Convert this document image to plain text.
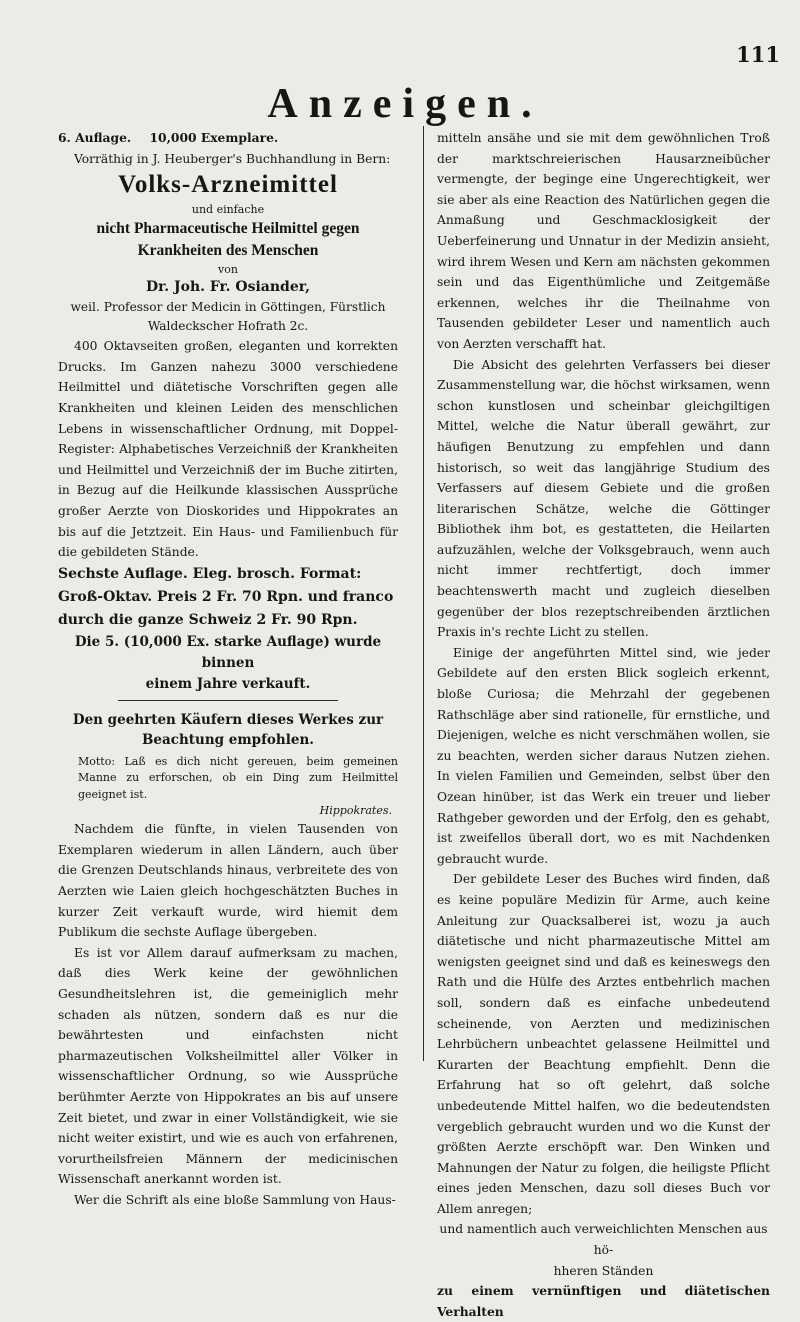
111
Anzeigen.

6. Auflage. 10,000 Exemplare.

Vorräthig in J. Heuberger's Buchhandlung in Bern:

Volks-Arzneimittel
und einfache
nicht Pharmaceutische Heilmittel gegen
Krankheiten des Menschen
von
Dr. Joh. Fr. Osiander,
weil. Professor der Medicin in Göttingen, Fürstlich Waldeckscher Hofrath 2c.

400 Oktavseiten großen, eleganten und korrekten Drucks. Im Ganzen nahezu 3000 verschiedene Heilmittel und diätetische Vorschriften gegen alle Krankheiten und kleinen Leiden des menschlichen Lebens in wissenschaftlicher Ordnung, mit Doppel-Register: Alphabetisches Verzeichniß der Krankheiten und Heilmittel und Verzeichniß der im Buche zitirten, in Bezug auf die Heilkunde klassischen Aussprüche großer Aerzte von Dioskorides und Hippokrates an bis auf die Jetztzeit. Ein Haus- und Familienbuch für die gebildeten Stände.

Sechste Auflage. Eleg. brosch. Format:
Groß-Oktav. Preis 2 Fr. 70 Rpn. und franco
durch die ganze Schweiz 2 Fr. 90 Rpn.
Die 5. (10,000 Ex. starke Auflage) wurde binnen
einem Jahre verkauft.
Den geehrten Käufern dieses Werkes zur
Beachtung empfohlen.

Motto: Laß es dich nicht gereuen, beim gemeinen Manne zu erforschen, ob ein Ding zum Heilmittel geeignet ist.

Hippokrates.

Nachdem die fünfte, in vielen Tausenden von Exemplaren wiederum in allen Ländern, auch über die Grenzen Deutschlands hinaus, verbreitete des von Aerzten wie Laien gleich hochgeschätzten Buches in kurzer Zeit verkauft wurde, wird hiemit dem Publikum die sechste Auflage übergeben.

Es ist vor Allem darauf aufmerksam zu machen, daß dies Werk keine der gewöhnlichen Gesundheitslehren ist, die gemeiniglich mehr schaden als nützen, sondern daß es nur die bewährtesten und einfachsten nicht pharmazeutischen Volksheilmittel aller Völker in wissenschaftlicher Ordnung, so wie Aussprüche berühmter Aerzte von Hippokrates an bis auf unsere Zeit bietet, und zwar in einer Vollständigkeit, wie sie nicht weiter existirt, und wie es auch von erfahrenen, vorurtheilsfreien Männern der medicinischen Wissenschaft anerkannt worden ist.

Wer die Schrift als eine bloße Sammlung von Haus-

mitteln ansähe und sie mit dem gewöhnlichen Troß der marktschreierischen Hausarzneibücher vermengte, der beginge eine Ungerechtigkeit, wer sie aber als eine Reaction des Natürlichen gegen die Anmaßung und Geschmacklosigkeit der Ueberfeinerung und Unnatur in der Medizin ansieht, wird ihrem Wesen und Kern am nächsten gekommen sein und das Eigenthümliche und Zeitgemäße erkennen, welches ihr die Theilnahme von Tausenden gebildeter Leser und namentlich auch von Aerzten verschafft hat.

Die Absicht des gelehrten Verfassers bei dieser Zusammenstellung war, die höchst wirksamen, wenn schon kunstlosen und scheinbar gleichgiltigen Mittel, welche die Natur überall gewährt, zur häufigen Benutzung zu empfehlen und dann historisch, so weit das langjährige Studium des Verfassers auf diesem Gebiete und die großen literarischen Schätze, welche die Göttinger Bibliothek ihm bot, es gestatteten, die Heilarten aufzuzählen, welche der Volksgebrauch, wenn auch nicht immer rechtfertigt, doch immer beachtenswerth macht und zugleich dieselben gegenüber der blos rezeptschreibenden ärztlichen Praxis in's rechte Licht zu stellen.

Einige der angeführten Mittel sind, wie jeder Gebildete auf den ersten Blick sogleich erkennt, bloße Curiosa; die Mehrzahl der gegebenen Rathschläge aber sind rationelle, für ernstliche, und Diejenigen, welche es nicht verschmähen wollen, sie zu beachten, werden sicher daraus Nutzen ziehen. In vielen Familien und Gemeinden, selbst über den Ozean hinüber, ist das Werk ein treuer und lieber Rathgeber geworden und der Erfolg, den es gehabt, ist zweifellos überall dort, wo es mit Nachdenken gebraucht wurde.

Der gebildete Leser des Buches wird finden, daß es keine populäre Medizin für Arme, auch keine Anleitung zur Quacksalberei ist, wozu ja auch diätetische und nicht pharmazeutische Mittel am wenigsten geeignet sind und daß es keineswegs den Rath und die Hülfe des Arztes entbehrlich machen soll, sondern daß es einfache unbedeutend scheinende, von Aerzten und medizinischen Lehrbüchern unbeachtet gelassene Heilmittel und Kurarten der Beachtung empfiehlt. Denn die Erfahrung hat so oft gelehrt, daß solche unbedeutende Mittel halfen, wo die bedeutendsten vergeblich gebraucht wurden und wo die Kunst der größten Aerzte erschöpft war. Den Winken und Mahnungen der Natur zu folgen, die heiligste Pflicht eines jeden Menschen, dazu soll dieses Buch vor Allem anregen;

und namentlich auch verweichlichten Menschen aus hö-
hheren Ständen

zu einem vernünftigen und diätetischen Verhalten
